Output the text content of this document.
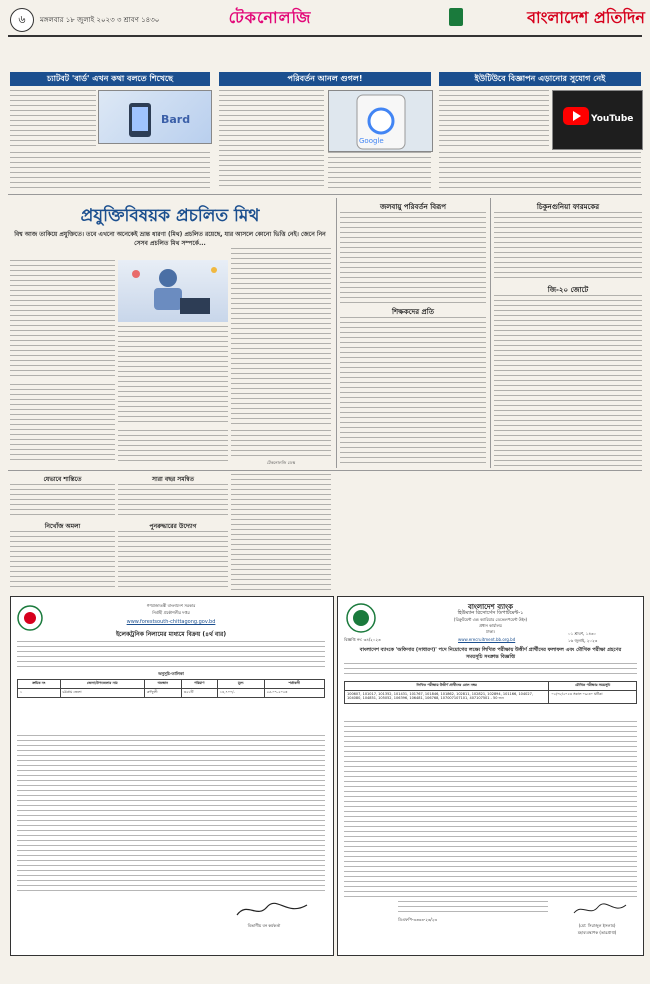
৬	মঙ্গলবার ১৮ জুলাই ২০২৩ ৩ শ্রাবণ ১৪৩০	টেকনোলজি	বাংলাদেশ প্রতিদিন
চ্যাটবট 'বার্ড' এখন কথা বলতে শিখেছে	পরিবর্তন আনল গুগল!	ইউটিউবে বিজ্ঞাপন এড়ানোর সুযোগ নেই
Bard
Google
YouTube
প্রযুক্তিবিষয়ক প্রচলিত মিথ
বিশ্ব আজ তাকিয়ে প্রযুক্তিতে। তবে এখনো অনেকেই ভ্রান্ত ধারণা (মিথ) প্রচলিত রয়েছে, যার আসলে কোনো ভিত্তি নেই। জেনে নিন সেসব প্রচলিত মিথ সম্পর্কে...
টেকনোলজি ডেস্ক
জলবায়ু পরিবর্তন বিরূপ
শিক্ষকদের প্রতি
চিকুনগুনিয়া ফারমকের
জি-২০ জোটে
যেভাবে শান্তিতে
নিখোঁজ অমলা
সারা বছর সমন্বিত
পুনরুদ্ধারের উদ্যোগ
গণপ্রজাতন্ত্রী বাংলাদেশ সরকার
নির্বাহী প্রকৌশলীর দপ্তর
www.forestsouth-chittagong.gov.bd
ইলেকট্রনিক নিলামের মাধ্যমে বিক্রয় (৪র্থ বার)
অনুসূচি-তালিকা
ক্রমিক নং	জেলা/উপজেলার নাম	অবস্থান	পরিমাণ	মূল্য	শর্তাবলী
১	চট্টগ্রাম জেলা	কর্ণফুলী	৩২১টি	১৪,৭০০/-	২৫-০৭-২০২৩
বিভাগীয় বন কর্মকর্তা
বাংলাদেশ ব্যাংক
হিউম্যান রিসোর্সেস ডিপার্টমেন্ট-১
(রিক্রুটমেন্ট এন্ড ক্যারিয়ার ডেভেলপমেন্ট উইং)
প্রধান কার্যালয়
ঢাকা।
বিজ্ঞপ্তি নং: ৩৪/২০২৩	www.erecruitment.bb.org.bd
০১ শ্রাবণ, ১৪৩০
১৬ জুলাই, ২০২৩
বাংলাদেশ ব্যাংকে 'অফিসার (সাধারণ)' পদে নিয়োগের লক্ষ্যে লিখিত পরীক্ষায় উত্তীর্ণ প্রার্থীদের ফলাফল এবং মৌখিক পরীক্ষা গ্রহণের সময়সূচি সংক্রান্ত বিজ্ঞপ্তি
লিখিত পরীক্ষায় উত্তীর্ণ প্রার্থীদের রোল নম্বর	মৌখিক পরীক্ষার সময়সূচি
100607, 101017, 101352, 101431, 101767, 101846, 101862, 102811, 102821, 102894, 101166, 104027, 104080, 104851, 105052, 106396, 106481, 106768, 107007107101, 407107501 - 50 জন	০২/০৮/২০২৩ সকাল ০৯:৩০ ঘটিকা
ডিএফপি-৩৩৩৩-২৩/২৩
(মো: সিরাজুল ইসলাম)
মহাব্যবস্থাপক (ভারপ্রাপ্ত)
